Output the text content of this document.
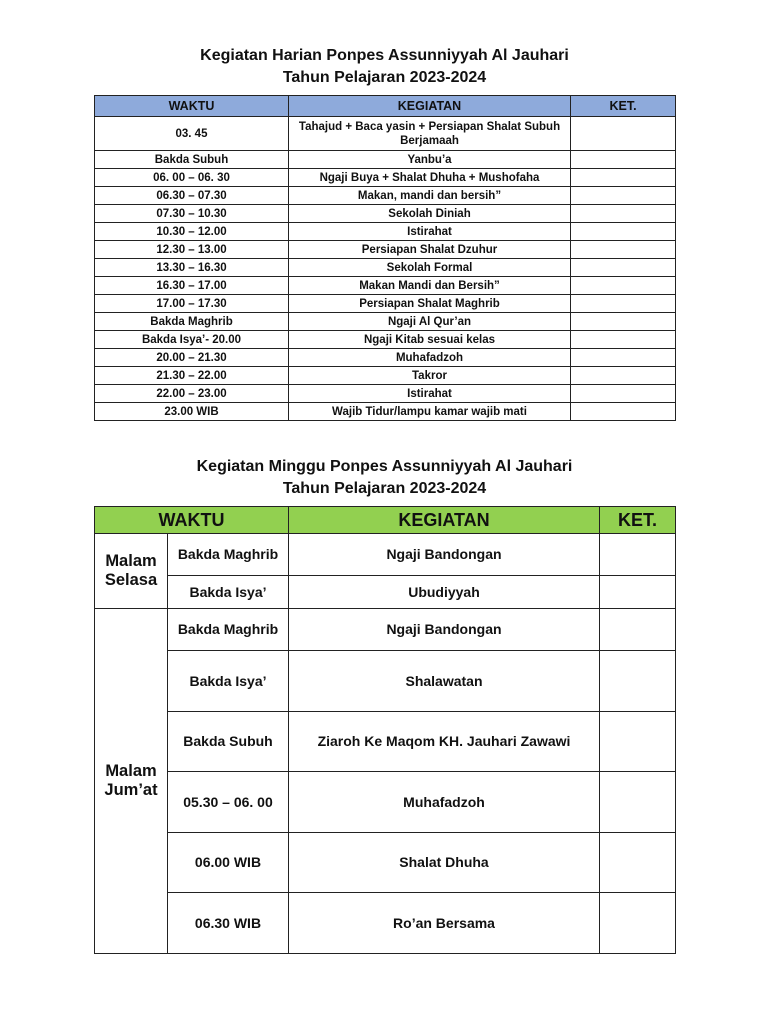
Kegiatan Harian Ponpes Assunniyyah Al Jauhari
Tahun Pelajaran 2023-2024
WAKTU	KEGIATAN	KET.
03. 45	Tahajud + Baca yasin + Persiapan Shalat Subuh Berjamaah	
Bakda Subuh	Yanbu’a	
06. 00 – 06. 30	Ngaji Buya + Shalat Dhuha + Mushofaha	
06.30 – 07.30	Makan, mandi dan bersih”	
07.30 – 10.30	Sekolah Diniah	
10.30 – 12.00	Istirahat	
12.30 – 13.00	Persiapan Shalat Dzuhur	
13.30 – 16.30	Sekolah Formal	
16.30 – 17.00	Makan Mandi dan Bersih”	
17.00 – 17.30	Persiapan Shalat Maghrib	
Bakda Maghrib	Ngaji Al Qur’an	
Bakda Isya’- 20.00	Ngaji Kitab sesuai kelas	
20.00 – 21.30	Muhafadzoh	
21.30 – 22.00	Takror	
22.00 – 23.00	Istirahat	
23.00 WIB	Wajib Tidur/lampu kamar wajib mati	
Kegiatan Minggu Ponpes Assunniyyah Al Jauhari
Tahun Pelajaran 2023-2024
WAKTU		KEGIATAN	KET.
Malam Selasa	Bakda Maghrib	Ngaji Bandongan	
	Bakda Isya’	Ubudiyyah	
Malam Jum’at	Bakda Maghrib	Ngaji Bandongan	
	Bakda Isya’	Shalawatan	
	Bakda Subuh	Ziaroh Ke Maqom KH. Jauhari Zawawi	
	05.30 – 06. 00	Muhafadzoh	
	06.00 WIB	Shalat Dhuha	
	06.30 WIB	Ro’an Bersama	
